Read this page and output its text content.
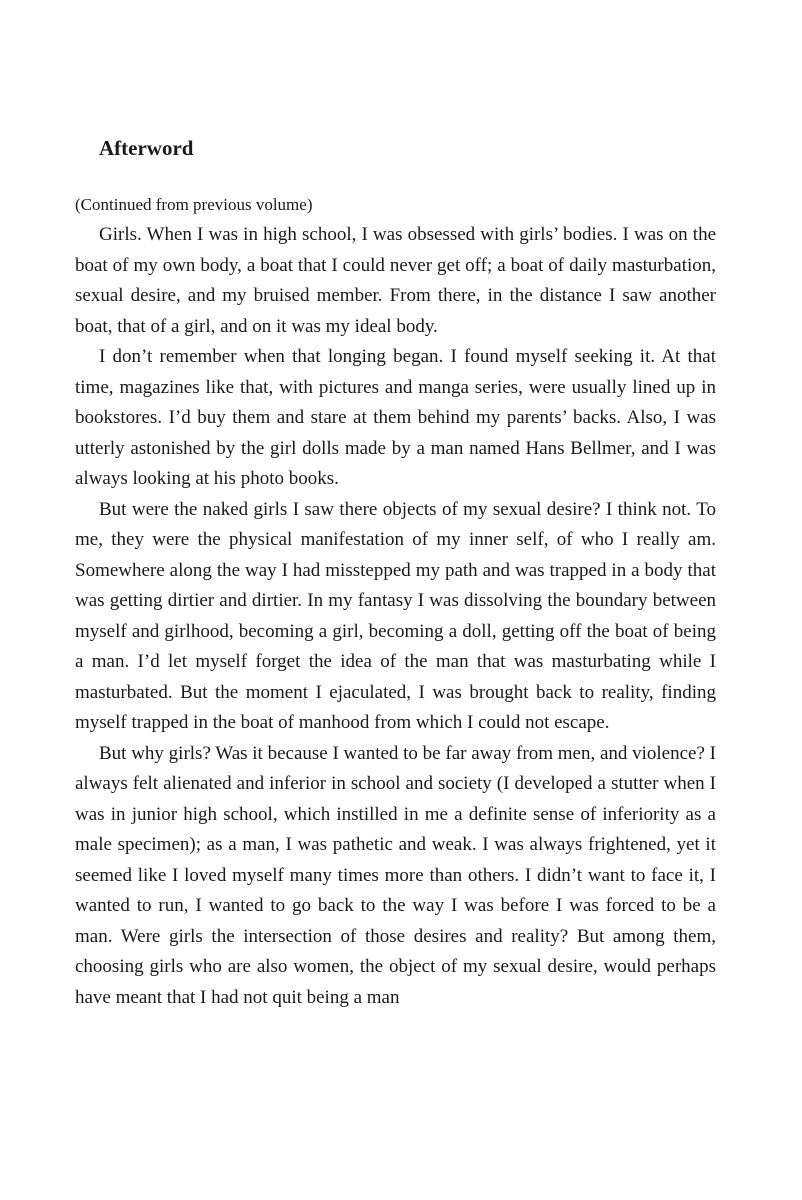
Afterword

(Continued from previous volume)

Girls. When I was in high school, I was obsessed with girls’ bodies. I was on the boat of my own body, a boat that I could never get off; a boat of daily masturbation, sexual desire, and my bruised member. From there, in the distance I saw another boat, that of a girl, and on it was my ideal body.

I don’t remember when that longing began. I found myself seeking it. At that time, magazines like that, with pictures and manga series, were usually lined up in bookstores. I’d buy them and stare at them behind my parents’ backs. Also, I was utterly astonished by the girl dolls made by a man named Hans Bellmer, and I was always looking at his photo books.

But were the naked girls I saw there objects of my sexual desire? I think not. To me, they were the physical manifestation of my inner self, of who I really am. Somewhere along the way I had misstepped my path and was trapped in a body that was getting dirtier and dirtier. In my fantasy I was dissolving the boundary between myself and girlhood, becoming a girl, becoming a doll, getting off the boat of being a man. I’d let myself forget the idea of the man that was masturbating while I masturbated. But the moment I ejaculated, I was brought back to reality, finding myself trapped in the boat of manhood from which I could not escape.

But why girls? Was it because I wanted to be far away from men, and violence? I always felt alienated and inferior in school and society (I developed a stutter when I was in junior high school, which instilled in me a definite sense of inferiority as a male specimen); as a man, I was pathetic and weak. I was always frightened, yet it seemed like I loved myself many times more than others. I didn’t want to face it, I wanted to run, I wanted to go back to the way I was before I was forced to be a man. Were girls the intersection of those desires and reality? But among them, choosing girls who are also women, the object of my sexual desire, would perhaps have meant that I had not quit being a man
